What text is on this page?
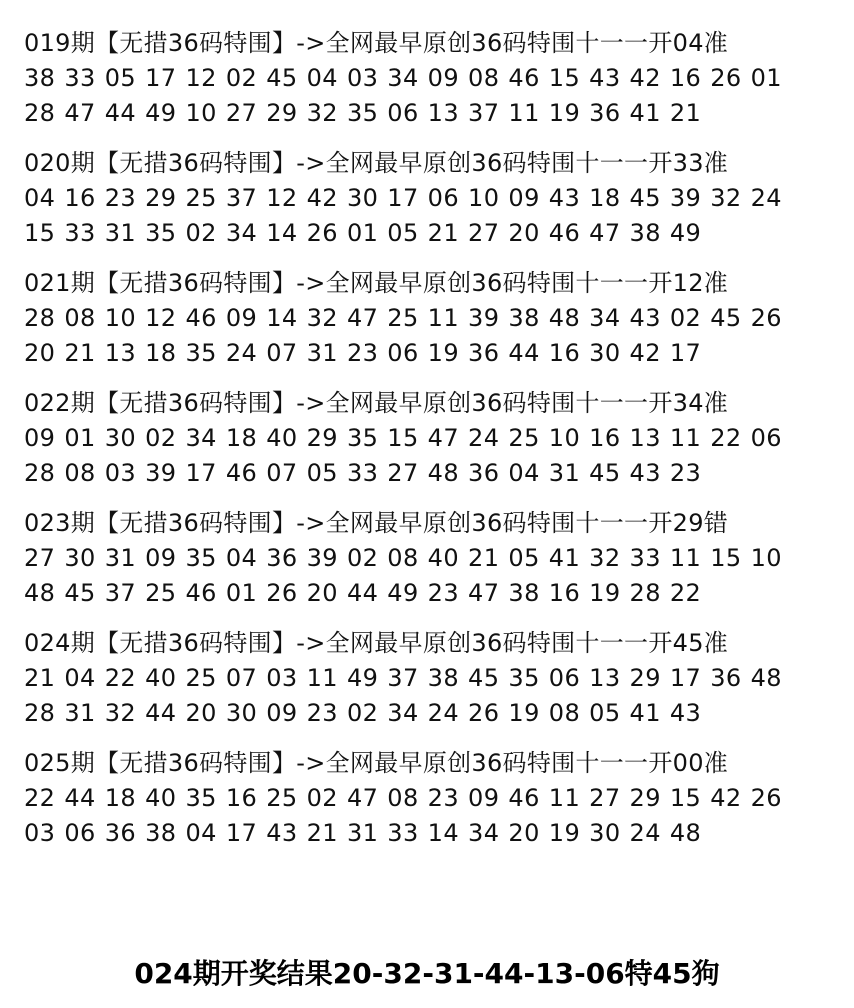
019期【无措36码特围】->全网最早原创36码特围十一一开04准
38 33 05 17 12 02 45 04 03 34 09 08 46 15 43 42 16 26 01
28 47 44 49 10 27 29 32 35 06 13 37 11 19 36 41 21
020期【无措36码特围】->全网最早原创36码特围十一一开33准
04 16 23 29 25 37 12 42 30 17 06 10 09 43 18 45 39 32 24
15 33 31 35 02 34 14 26 01 05 21 27 20 46 47 38 49
021期【无措36码特围】->全网最早原创36码特围十一一开12准
28 08 10 12 46 09 14 32 47 25 11 39 38 48 34 43 02 45 26
20 21 13 18 35 24 07 31 23 06 19 36 44 16 30 42 17
022期【无措36码特围】->全网最早原创36码特围十一一开34准
09 01 30 02 34 18 40 29 35 15 47 24 25 10 16 13 11 22 06
28 08 03 39 17 46 07 05 33 27 48 36 04 31 45 43 23
023期【无措36码特围】->全网最早原创36码特围十一一开29错
27 30 31 09 35 04 36 39 02 08 40 21 05 41 32 33 11 15 10
48 45 37 25 46 01 26 20 44 49 23 47 38 16 19 28 22
024期【无措36码特围】->全网最早原创36码特围十一一开45准
21 04 22 40 25 07 03 11 49 37 38 45 35 06 13 29 17 36 48
28 31 32 44 20 30 09 23 02 34 24 26 19 08 05 41 43
025期【无措36码特围】->全网最早原创36码特围十一一开00准
22 44 18 40 35 16 25 02 47 08 23 09 46 11 27 29 15 42 26
03 06 36 38 04 17 43 21 31 33 14 34 20 19 30 24 48
024期开奖结果20-32-31-44-13-06特45狗
